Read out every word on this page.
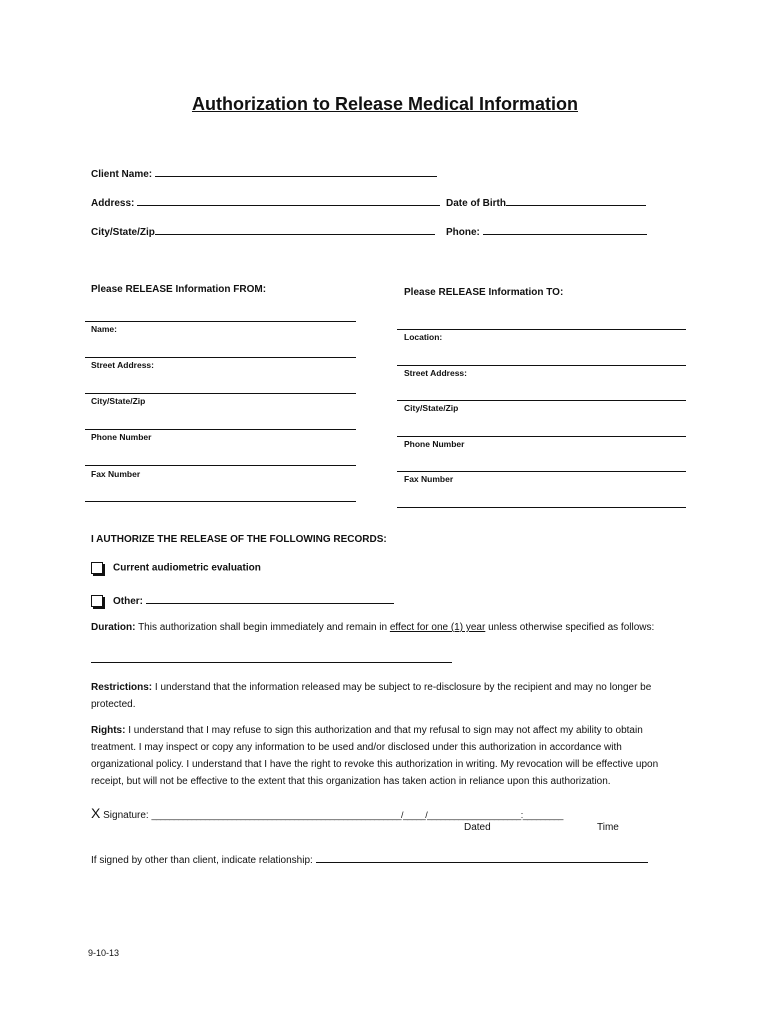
Authorization to Release Medical Information
Client Name:
Address:	Date of Birth
City/State/Zip	Phone:
Please RELEASE Information FROM:
Name:
Street Address:
City/State/Zip
Phone Number
Fax Number
Please RELEASE Information TO:
Location:
Street Address:
City/State/Zip
Phone Number
Fax Number
I AUTHORIZE THE RELEASE OF THE FOLLOWING RECORDS:
Current audiometric evaluation
Other:
Duration: This authorization shall begin immediately and remain in effect for one (1) year unless otherwise specified as follows:
Restrictions: I understand that the information released may be subject to re-disclosure by the recipient and may no longer be protected.
Rights: I understand that I may refuse to sign this authorization and that my refusal to sign may not affect my ability to obtain treatment. I may inspect or copy any information to be used and/or disclosed under this authorization in accordance with organizational policy. I understand that I have the right to revoke this authorization in writing. My revocation will be effective upon receipt, but will not be effective to the extent that this organization has taken action in reliance upon this authorization.
X Signature: ________________________________________________________/_____/_____________________:_________
Dated	Time
If signed by other than client, indicate relationship:
9-10-13
